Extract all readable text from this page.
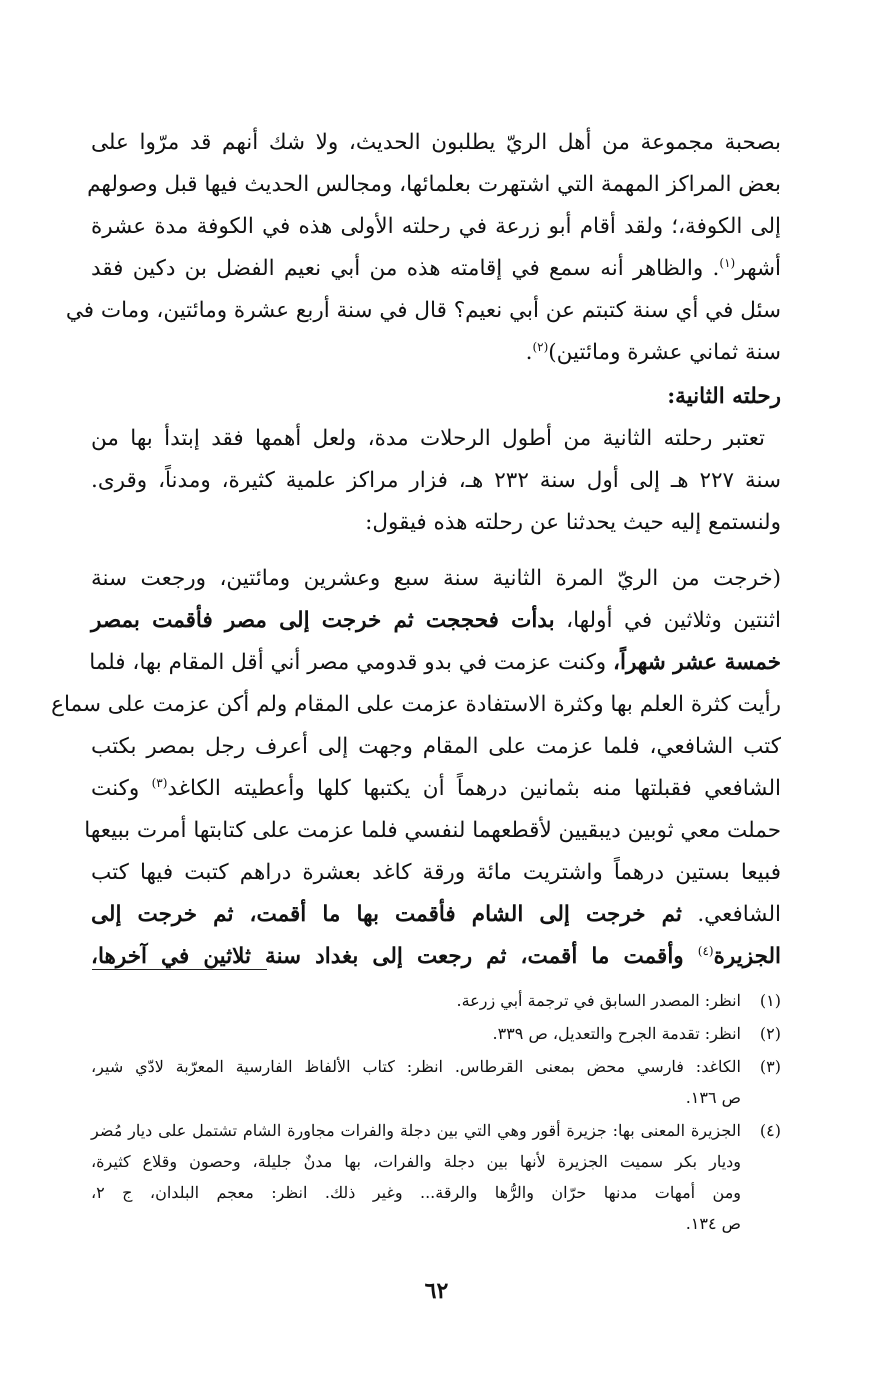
بصحبة مجموعة من أهل الريّ يطلبون الحديث، ولا شك أنهم قد مرّوا على
بعض المراكز المهمة التي اشتهرت بعلمائها، ومجالس الحديث فيها قبل وصولهم
إلى الكوفة،؛ ولقد أقام أبو زرعة في رحلته الأولى هذه في الكوفة مدة عشرة
أشهر$^{(١)}$. والظاهر أنه سمع في إقامته هذه من أبي نعيم الفضل بن دكين فقد
سئل في أي سنة كتبتم عن أبي نعيم؟ قال في سنة أربع عشرة ومائتين، ومات في
سنة ثماني عشرة ومائتين)$^{(٢)}$.
رحلته الثانية:
تعتبر رحلته الثانية من أطول الرحلات مدة، ولعل أهمها فقد إبتدأ بها من
سنة ٢٢٧ هـ إلى أول سنة ٢٣٢ هـ، فزار مراكز علمية كثيرة، ومدناً، وقرى.
ولنستمع إليه حيث يحدثنا عن رحلته هذه فيقول:
(خرجت من الريّ المرة الثانية سنة سبع وعشرين ومائتين، ورجعت سنة
اثنتين وثلاثين في أولها، بدأت فحججت ثم خرجت إلى مصر فأقمت بمصر
خمسة عشر شهراً، وكنت عزمت في بدو قدومي مصر أني أقل المقام بها، فلما
رأيت كثرة العلم بها وكثرة الاستفادة عزمت على المقام ولم أكن عزمت على سماع
كتب الشافعي، فلما عزمت على المقام وجهت إلى أعرف رجل بمصر بكتب
الشافعي فقبلتها منه بثمانين درهماً أن يكتبها كلها وأعطيته الكاغد$^{(٣)}$ وكنت
حملت معي ثوبين ديبقيين لأقطعهما لنفسي فلما عزمت على كتابتها أمرت ببيعها
فبيعا بستين درهماً واشتريت مائة ورقة كاغد بعشرة دراهم كتبت فيها كتب
الشافعي. ثم خرجت إلى الشام فأقمت بها ما أقمت، ثم خرجت إلى
الجزيرة$^{(٤)}$ وأقمت ما أقمت، ثم رجعت إلى بغداد سنة ثلاثين في آخرها،
(١)
انظر: المصدر السابق في ترجمة أبي زرعة.
(٢)
انظر: تقدمة الجرح والتعديل، ص ٣٣٩.
(٣)
الكاغد: فارسي محض بمعنى القرطاس. انظر: كتاب الألفاظ الفارسية المعرّبة لادّي شير،
ص ١٣٦.
(٤)
الجزيرة المعنى بها: جزيرة أقور وهي التي بين دجلة والفرات مجاورة الشام تشتمل على ديار مُضر
وديار بكر سميت الجزيرة لأنها بين دجلة والفرات، بها مدنٌ جليلة، وحصون وقلاع كثيرة،
ومن أمهات مدنها حرّان والرُّها والرقة... وغير ذلك. انظر: معجم البلدان، ج ٢،
ص ١٣٤.
٦٢
